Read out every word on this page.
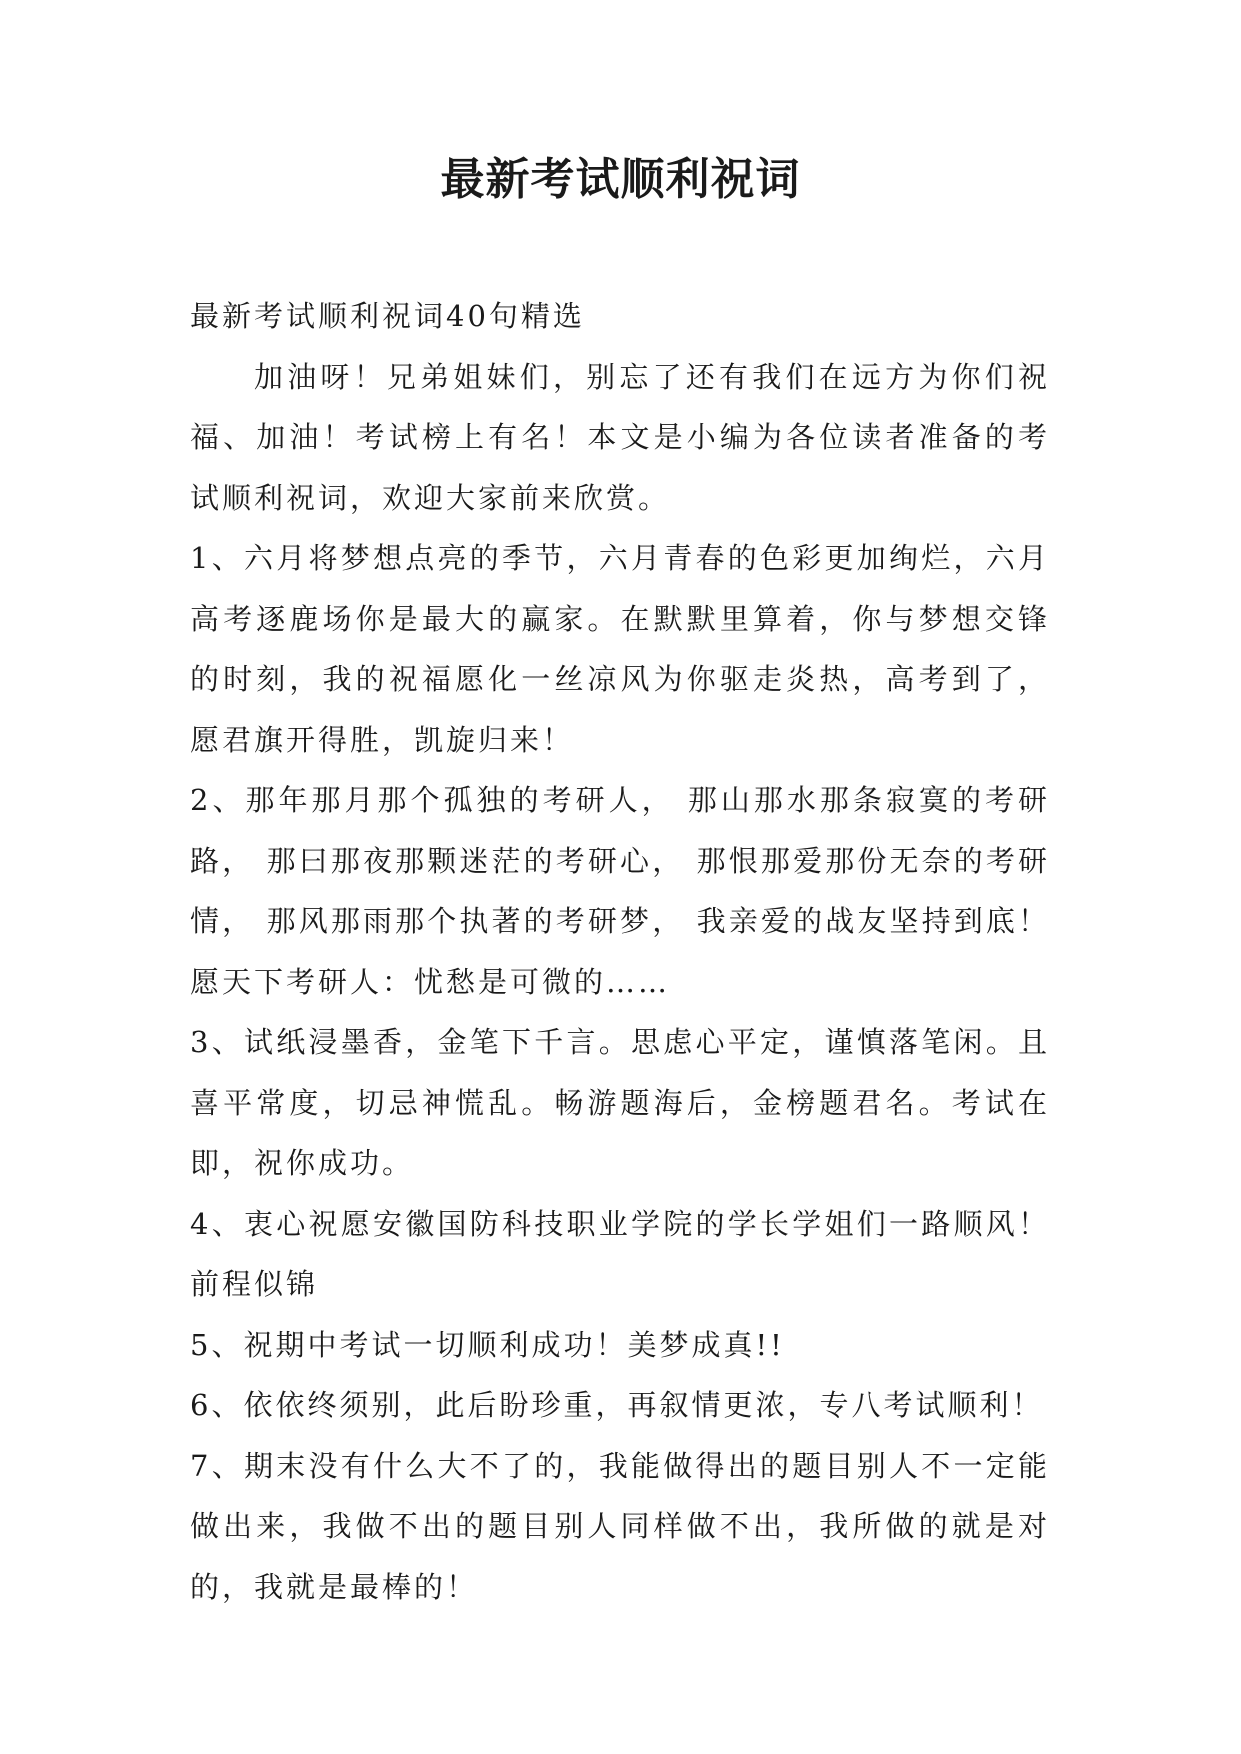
最新考试顺利祝词

最新考试顺利祝词40句精选

加油呀！兄弟姐妹们，别忘了还有我们在远方为你们祝福、加油！考试榜上有名！本文是小编为各位读者准备的考试顺利祝词，欢迎大家前来欣赏。

1、六月将梦想点亮的季节，六月青春的色彩更加绚烂，六月高考逐鹿场你是最大的赢家。在默默里算着，你与梦想交锋的时刻，我的祝福愿化一丝凉风为你驱走炎热，高考到了，愿君旗开得胜，凯旋归来！

2、那年那月那个孤独的考研人， 那山那水那条寂寞的考研路， 那曰那夜那颗迷茫的考研心， 那恨那爱那份无奈的考研情， 那风那雨那个执著的考研梦， 我亲爱的战友坚持到底！愿天下考研人：忧愁是可微的……

3、试纸浸墨香，金笔下千言。思虑心平定，谨慎落笔闲。且喜平常度，切忌神慌乱。畅游题海后，金榜题君名。考试在即，祝你成功。

4、衷心祝愿安徽国防科技职业学院的学长学姐们一路顺风！前程似锦

5、祝期中考试一切顺利成功！美梦成真!!

6、依依终须别，此后盼珍重，再叙情更浓，专八考试顺利！

7、期末没有什么大不了的，我能做得出的题目别人不一定能做出来，我做不出的题目别人同样做不出，我所做的就是对的，我就是最棒的！
